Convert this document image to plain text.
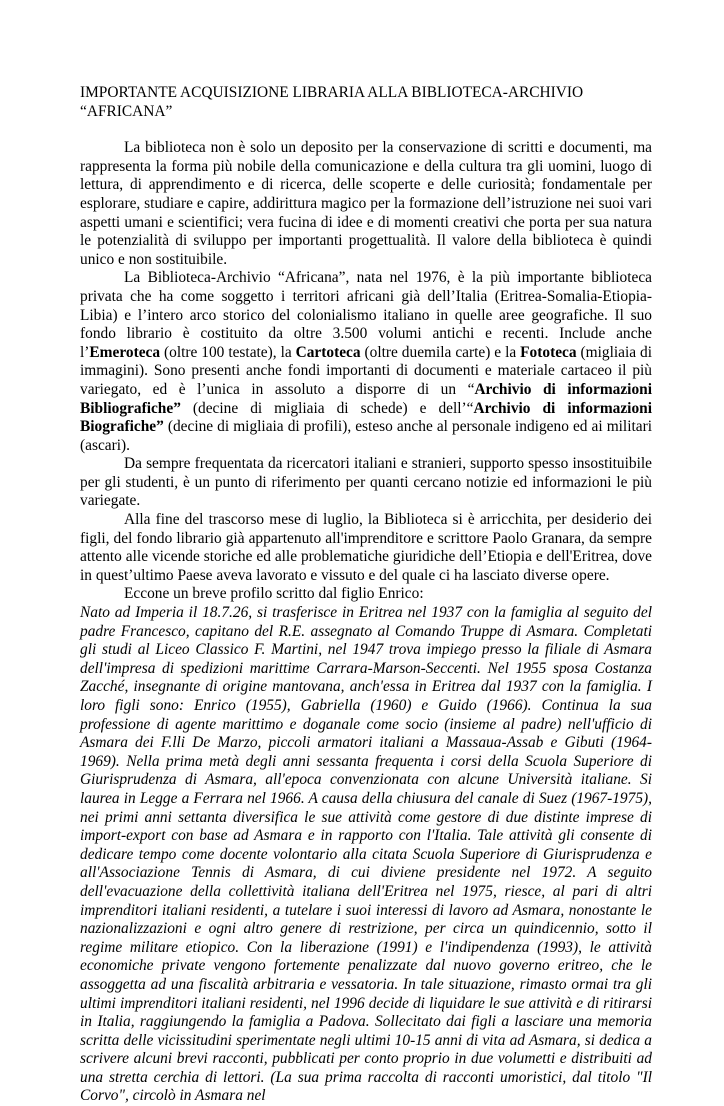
IMPORTANTE ACQUISIZIONE LIBRARIA ALLA BIBLIOTECA-ARCHIVIO
“AFRICANA”

La biblioteca non è solo un deposito per la conservazione di scritti e documenti, ma rappresenta la forma più nobile della comunicazione e della cultura tra gli uomini, luogo di lettura, di apprendimento e di ricerca, delle scoperte e delle curiosità; fondamentale per esplorare, studiare e capire, addirittura magico per la formazione dell’istruzione nei suoi vari aspetti umani e scientifici; vera fucina di idee e di momenti creativi che porta per sua natura le potenzialità di sviluppo per importanti progettualità. Il valore della biblioteca è quindi unico e non sostituibile.

La Biblioteca-Archivio “Africana”, nata nel 1976, è la più importante biblioteca privata che ha come soggetto i territori africani già dell’Italia (Eritrea-Somalia-Etiopia-Libia) e l’intero arco storico del colonialismo italiano in quelle aree geografiche. Il suo fondo librario è costituito da oltre 3.500 volumi antichi e recenti. Include anche l’Emeroteca (oltre 100 testate), la Cartoteca (oltre duemila carte) e la Fototeca (migliaia di immagini). Sono presenti anche fondi importanti di documenti e materiale cartaceo il più variegato, ed è l’unica in assoluto a disporre di un “Archivio di informazioni Bibliografiche” (decine di migliaia di schede) e dell’“Archivio di informazioni Biografiche” (decine di migliaia di profili), esteso anche al personale indigeno ed ai militari (ascari).

Da sempre frequentata da ricercatori italiani e stranieri, supporto spesso insostituibile per gli studenti, è un punto di riferimento per quanti cercano notizie ed informazioni le più variegate.

Alla fine del trascorso mese di luglio, la Biblioteca si è arricchita, per desiderio dei figli, del fondo librario già appartenuto all'imprenditore e scrittore Paolo Granara, da sempre attento alle vicende storiche ed alle problematiche giuridiche dell’Etiopia e dell'Eritrea, dove in quest’ultimo Paese aveva lavorato e vissuto e del quale ci ha lasciato diverse opere.

Eccone un breve profilo scritto dal figlio Enrico:

Nato ad Imperia il 18.7.26, si trasferisce in Eritrea nel 1937 con la famiglia al seguito del padre Francesco, capitano del R.E. assegnato al Comando Truppe di Asmara. Completati gli studi al Liceo Classico F. Martini, nel 1947 trova impiego presso la filiale di Asmara dell'impresa di spedizioni marittime Carrara-Marson-Seccenti. Nel 1955 sposa Costanza Zacché, insegnante di origine mantovana, anch'essa in Eritrea dal 1937 con la famiglia. I loro figli sono: Enrico (1955), Gabriella (1960) e Guido (1966). Continua la sua professione di agente marittimo e doganale come socio (insieme al padre) nell'ufficio di Asmara dei F.lli De Marzo, piccoli armatori italiani a Massaua-Assab e Gibuti (1964-1969). Nella prima metà degli anni sessanta frequenta i corsi della Scuola Superiore di Giurisprudenza di Asmara, all'epoca convenzionata con alcune Università italiane. Si laurea in Legge a Ferrara nel 1966. A causa della chiusura del canale di Suez (1967-1975), nei primi anni settanta diversifica le sue attività come gestore di due distinte imprese di import-export con base ad Asmara e in rapporto con l'Italia. Tale attività gli consente di dedicare tempo come docente volontario alla citata Scuola Superiore di Giurisprudenza e all'Associazione Tennis di Asmara, di cui diviene presidente nel 1972. A seguito dell'evacuazione della collettività italiana dell'Eritrea nel 1975, riesce, al pari di altri imprenditori italiani residenti, a tutelare i suoi interessi di lavoro ad Asmara, nonostante le nazionalizzazioni e ogni altro genere di restrizione, per circa un quindicennio, sotto il regime militare etiopico. Con la liberazione (1991) e l'indipendenza (1993), le attività economiche private vengono fortemente penalizzate dal nuovo governo eritreo, che le assoggetta ad una fiscalità arbitraria e vessatoria. In tale situazione, rimasto ormai tra gli ultimi imprenditori italiani residenti, nel 1996 decide di liquidare le sue attività e di ritirarsi in Italia, raggiungendo la famiglia a Padova. Sollecitato dai figli a lasciare una memoria scritta delle vicissitudini sperimentate negli ultimi 10-15 anni di vita ad Asmara, si dedica a scrivere alcuni brevi racconti, pubblicati per conto proprio in due volumetti e distribuiti ad una stretta cerchia di lettori. (La sua prima raccolta di racconti umoristici, dal titolo "Il Corvo", circolò in Asmara nel
